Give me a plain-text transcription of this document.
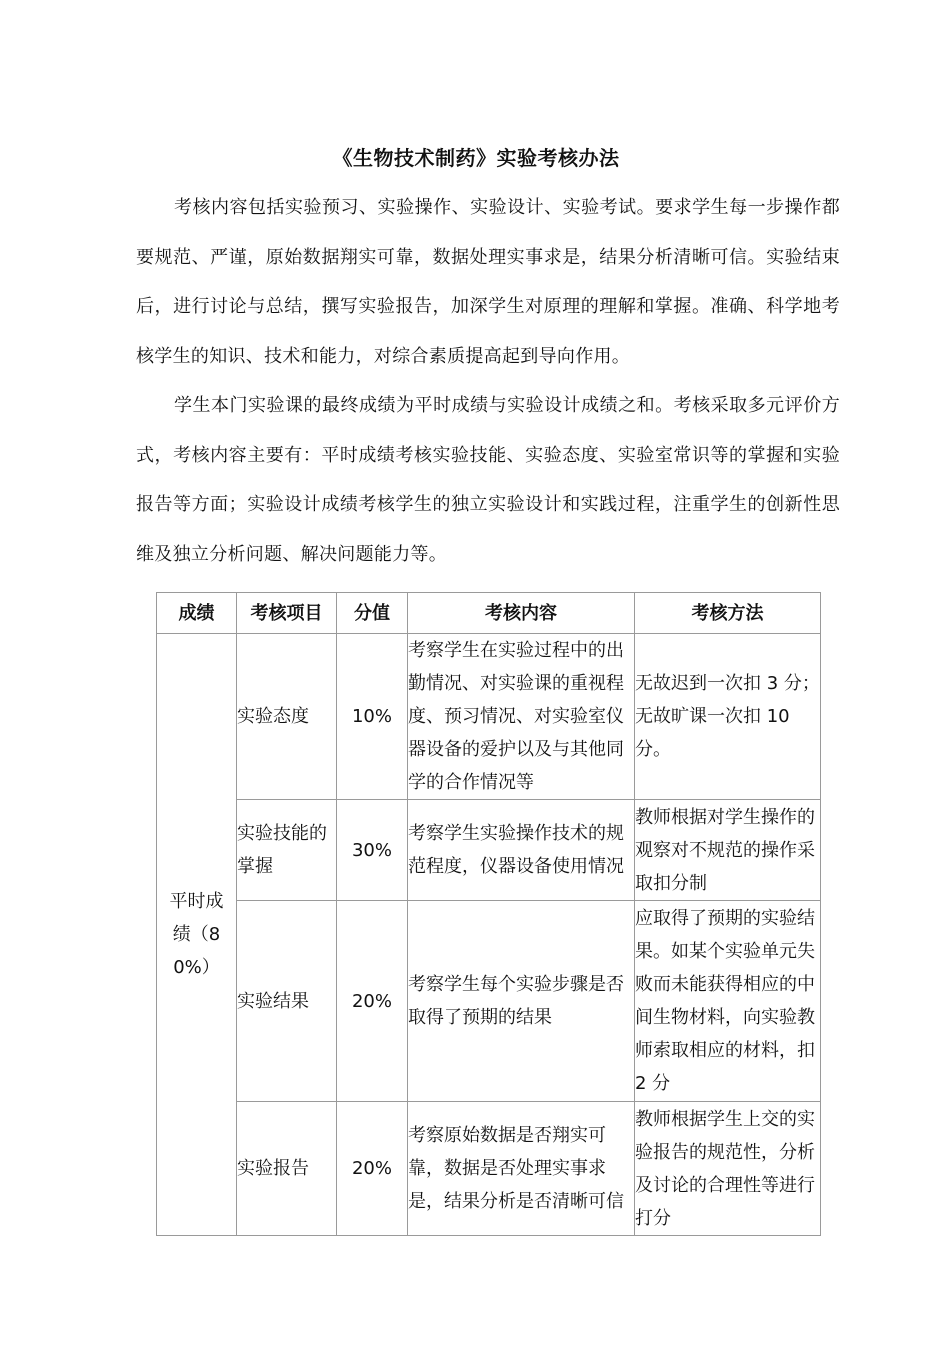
《生物技术制药》实验考核办法

考核内容包括实验预习、实验操作、实验设计、实验考试。要求学生每一步操作都要规范、严谨，原始数据翔实可靠，数据处理实事求是，结果分析清晰可信。实验结束后，进行讨论与总结，撰写实验报告，加深学生对原理的理解和掌握。准确、科学地考核学生的知识、技术和能力，对综合素质提高起到导向作用。

学生本门实验课的最终成绩为平时成绩与实验设计成绩之和。考核采取多元评价方式，考核内容主要有：平时成绩考核实验技能、实验态度、实验室常识等的掌握和实验报告等方面；实验设计成绩考核学生的独立实验设计和实践过程，注重学生的创新性思维及独立分析问题、解决问题能力等。

成绩	考核项目	分值	考核内容	考核方法
平时成绩（80%）	实验态度	10%	考察学生在实验过程中的出勤情况、对实验课的重视程度、预习情况、对实验室仪器设备的爱护以及与其他同学的合作情况等	无故迟到一次扣 3 分；无故旷课一次扣 10 分。
	实验技能的掌握	30%	考察学生实验操作技术的规范程度，仪器设备使用情况	教师根据对学生操作的观察对不规范的操作采取扣分制
	实验结果	20%	考察学生每个实验步骤是否取得了预期的结果	应取得了预期的实验结果。如某个实验单元失败而未能获得相应的中间生物材料，向实验教师索取相应的材料，扣 2 分
	实验报告	20%	考察原始数据是否翔实可靠，数据是否处理实事求是，结果分析是否清晰可信	教师根据学生上交的实验报告的规范性，分析及讨论的合理性等进行打分
